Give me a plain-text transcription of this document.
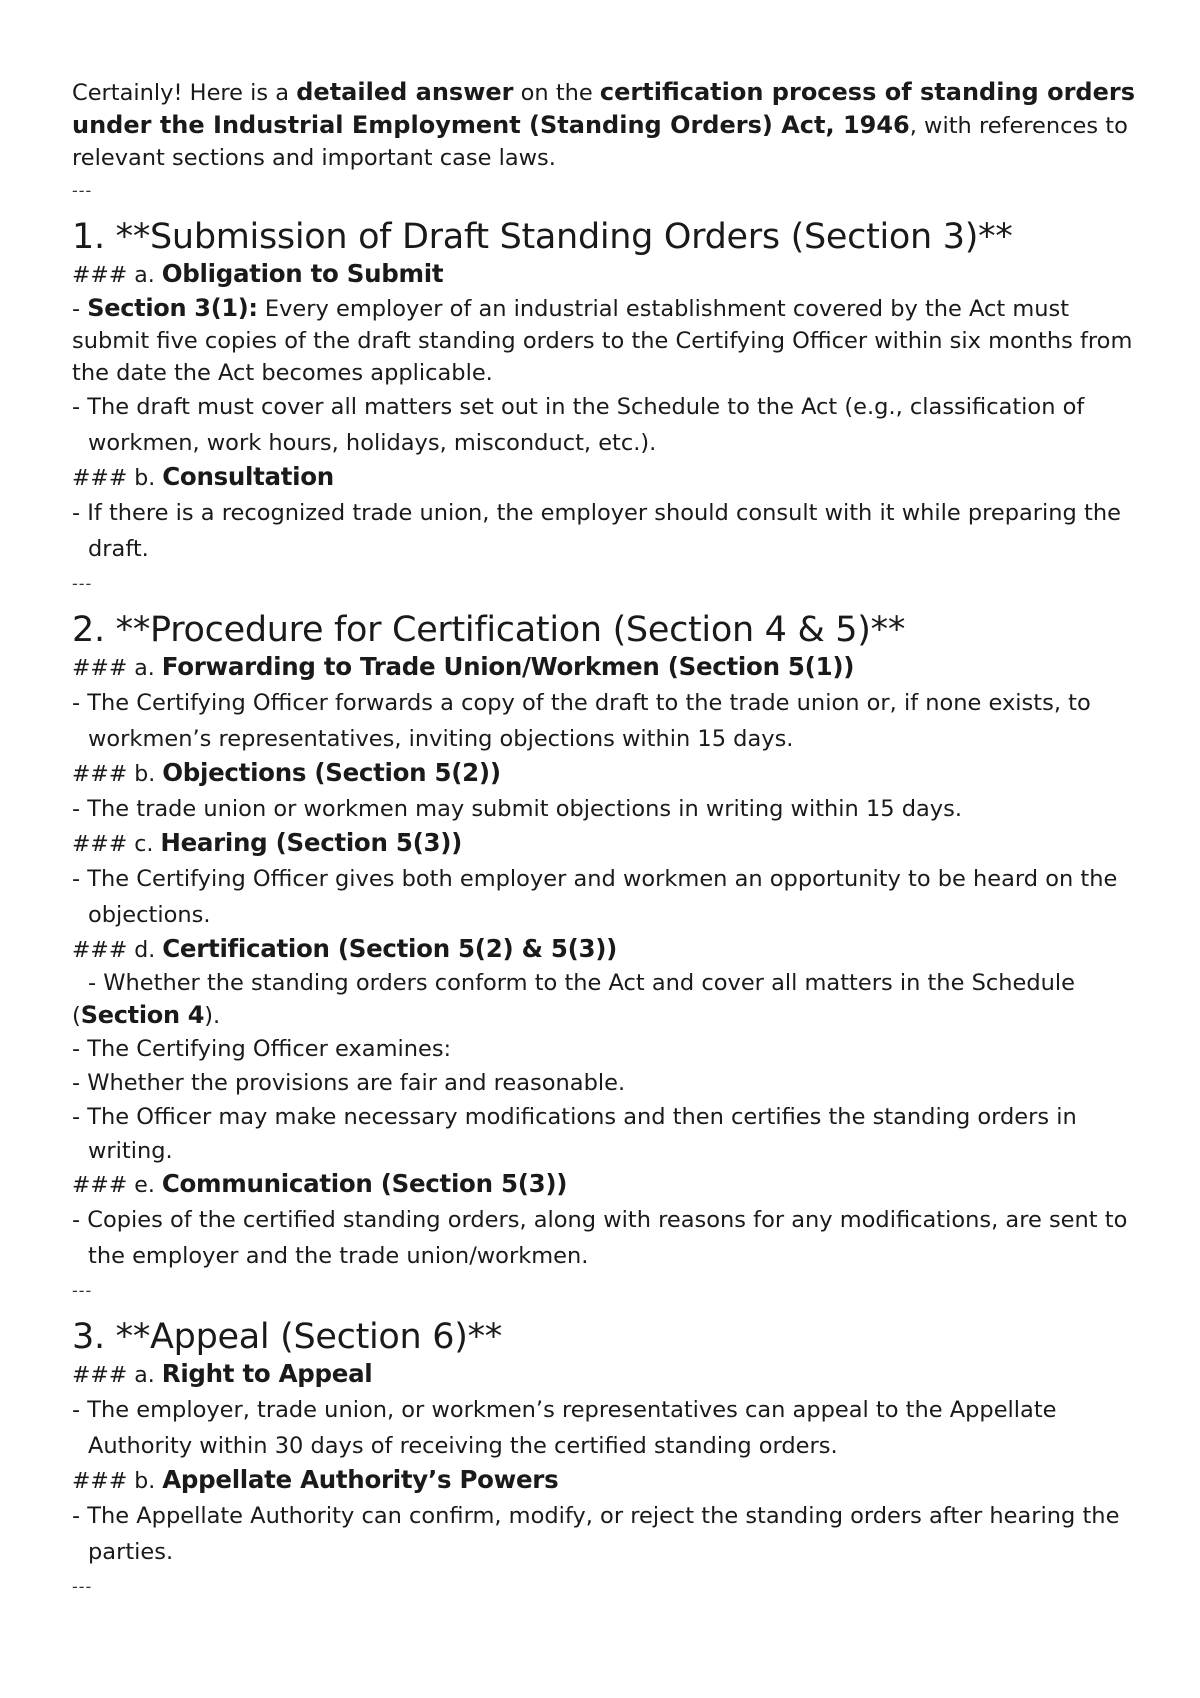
Certainly! Here is a detailed answer on the certification process of standing orders under the Industrial Employment (Standing Orders) Act, 1946, with references to relevant sections and important case laws.

---
1. **Submission of Draft Standing Orders (Section 3)**

### a. Obligation to Submit

- Section 3(1): Every employer of an industrial establishment covered by the Act must submit five copies of the draft standing orders to the Certifying Officer within six months from the date the Act becomes applicable.

- The draft must cover all matters set out in the Schedule to the Act (e.g., classification of workmen, work hours, holidays, misconduct, etc.).

### b. Consultation

- If there is a recognized trade union, the employer should consult with it while preparing the draft.

---
2. **Procedure for Certification (Section 4 & 5)**

### a. Forwarding to Trade Union/Workmen (Section 5(1))

- The Certifying Officer forwards a copy of the draft to the trade union or, if none exists, to workmen’s representatives, inviting objections within 15 days.

### b. Objections (Section 5(2))

- The trade union or workmen may submit objections in writing within 15 days.

### c. Hearing (Section 5(3))

- The Certifying Officer gives both employer and workmen an opportunity to be heard on the objections.

### d. Certification (Section 5(2) & 5(3))

- Whether the standing orders conform to the Act and cover all matters in the Schedule (Section 4).

- The Certifying Officer examines:

- Whether the provisions are fair and reasonable.

- The Officer may make necessary modifications and then certifies the standing orders in writing.

### e. Communication (Section 5(3))

- Copies of the certified standing orders, along with reasons for any modifications, are sent to the employer and the trade union/workmen.

---
3. **Appeal (Section 6)**

### a. Right to Appeal

- The employer, trade union, or workmen’s representatives can appeal to the Appellate Authority within 30 days of receiving the certified standing orders.

### b. Appellate Authority’s Powers

- The Appellate Authority can confirm, modify, or reject the standing orders after hearing the parties.

---
